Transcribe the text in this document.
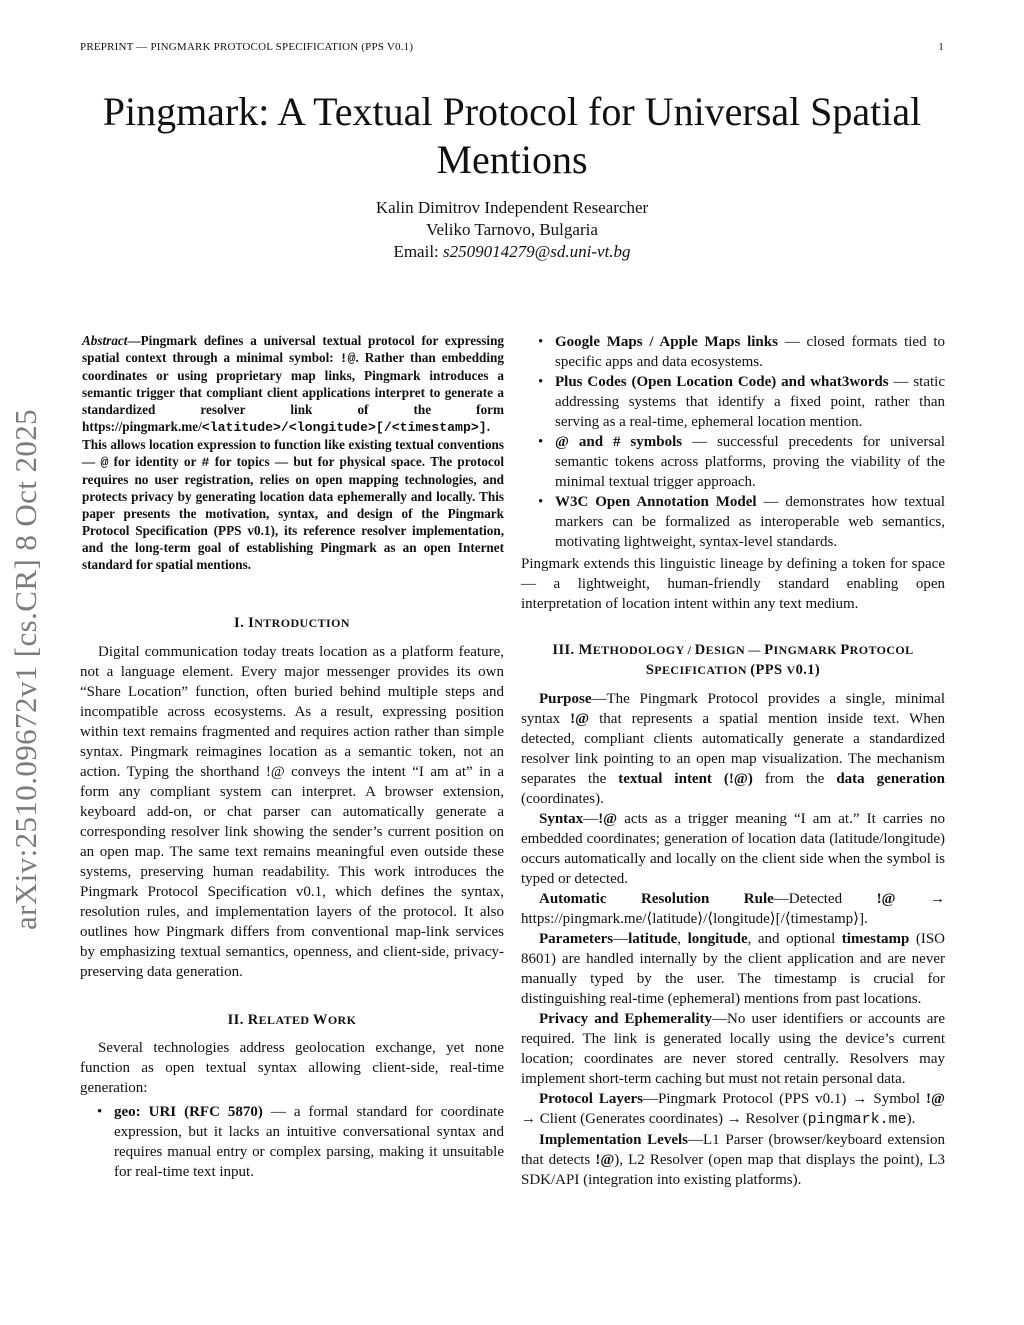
PREPRINT — PINGMARK PROTOCOL SPECIFICATION (PPS V0.1)	1
arXiv:2510.09672v1 [cs.CR] 8 Oct 2025
Pingmark: A Textual Protocol for Universal Spatial Mentions
Kalin Dimitrov Independent Researcher
Veliko Tarnovo, Bulgaria
Email: s2509014279@sd.uni-vt.bg
Abstract—Pingmark defines a universal textual protocol for expressing spatial context through a minimal symbol: !@. Rather than embedding coordinates or using proprietary map links, Pingmark introduces a semantic trigger that compliant client applications interpret to generate a standardized resolver link of the form https://pingmark.me/<latitude>/<longitude>[/<timestamp>]. This allows location expression to function like existing textual conventions — @ for identity or # for topics — but for physical space. The protocol requires no user registration, relies on open mapping technologies, and protects privacy by generating location data ephemerally and locally. This paper presents the motivation, syntax, and design of the Pingmark Protocol Specification (PPS v0.1), its reference resolver implementation, and the long-term goal of establishing Pingmark as an open Internet standard for spatial mentions.
I. INTRODUCTION

Digital communication today treats location as a platform feature, not a language element. Every major messenger provides its own “Share Location” function, often buried behind multiple steps and incompatible across ecosystems. As a result, expressing position within text remains fragmented and requires action rather than simple syntax. Pingmark reimagines location as a semantic token, not an action. Typing the shorthand !@ conveys the intent “I am at” in a form any compliant system can interpret. A browser extension, keyboard add-on, or chat parser can automatically generate a corresponding resolver link showing the sender’s current position on an open map. The same text remains meaningful even outside these systems, preserving human readability. This work introduces the Pingmark Protocol Specification v0.1, which defines the syntax, resolution rules, and implementation layers of the protocol. It also outlines how Pingmark differs from conventional map-link services by emphasizing textual semantics, openness, and client-side, privacy-preserving data generation.

II. RELATED WORK

Several technologies address geolocation exchange, yet none function as open textual syntax allowing client-side, real-time generation:

• geo: URI (RFC 5870) — a formal standard for coordinate expression, but it lacks an intuitive conversational syntax and requires manual entry or complex parsing, making it unsuitable for real-time text input.
• Google Maps / Apple Maps links — closed formats tied to specific apps and data ecosystems.
• Plus Codes (Open Location Code) and what3words — static addressing systems that identify a fixed point, rather than serving as a real-time, ephemeral location mention.
• @ and # symbols — successful precedents for universal semantic tokens across platforms, proving the viability of the minimal textual trigger approach.
• W3C Open Annotation Model — demonstrates how textual markers can be formalized as interoperable web semantics, motivating lightweight, syntax-level standards.

Pingmark extends this linguistic lineage by defining a token for space — a lightweight, human-friendly standard enabling open interpretation of location intent within any text medium.

III. METHODOLOGY / DESIGN — PINGMARK PROTOCOL
SPECIFICATION (PPS V0.1)

Purpose—The Pingmark Protocol provides a single, minimal syntax !@ that represents a spatial mention inside text. When detected, compliant clients automatically generate a standardized resolver link pointing to an open map visualization. The mechanism separates the textual intent (!@) from the data generation (coordinates).

Syntax—!@ acts as a trigger meaning “I am at.” It carries no embedded coordinates; generation of location data (latitude/longitude) occurs automatically and locally on the client side when the symbol is typed or detected.

Automatic Resolution Rule—Detected !@ → https://pingmark.me/⟨latitude⟩/⟨longitude⟩[/⟨timestamp⟩].

Parameters—latitude, longitude, and optional timestamp (ISO 8601) are handled internally by the client application and are never manually typed by the user. The timestamp is crucial for distinguishing real-time (ephemeral) mentions from past locations.

Privacy and Ephemerality—No user identifiers or accounts are required. The link is generated locally using the device’s current location; coordinates are never stored centrally. Resolvers may implement short-term caching but must not retain personal data.

Protocol Layers—Pingmark Protocol (PPS v0.1) → Symbol !@ → Client (Generates coordinates) → Resolver (pingmark.me).

Implementation Levels—L1 Parser (browser/keyboard extension that detects !@), L2 Resolver (open map that displays the point), L3 SDK/API (integration into existing platforms).
